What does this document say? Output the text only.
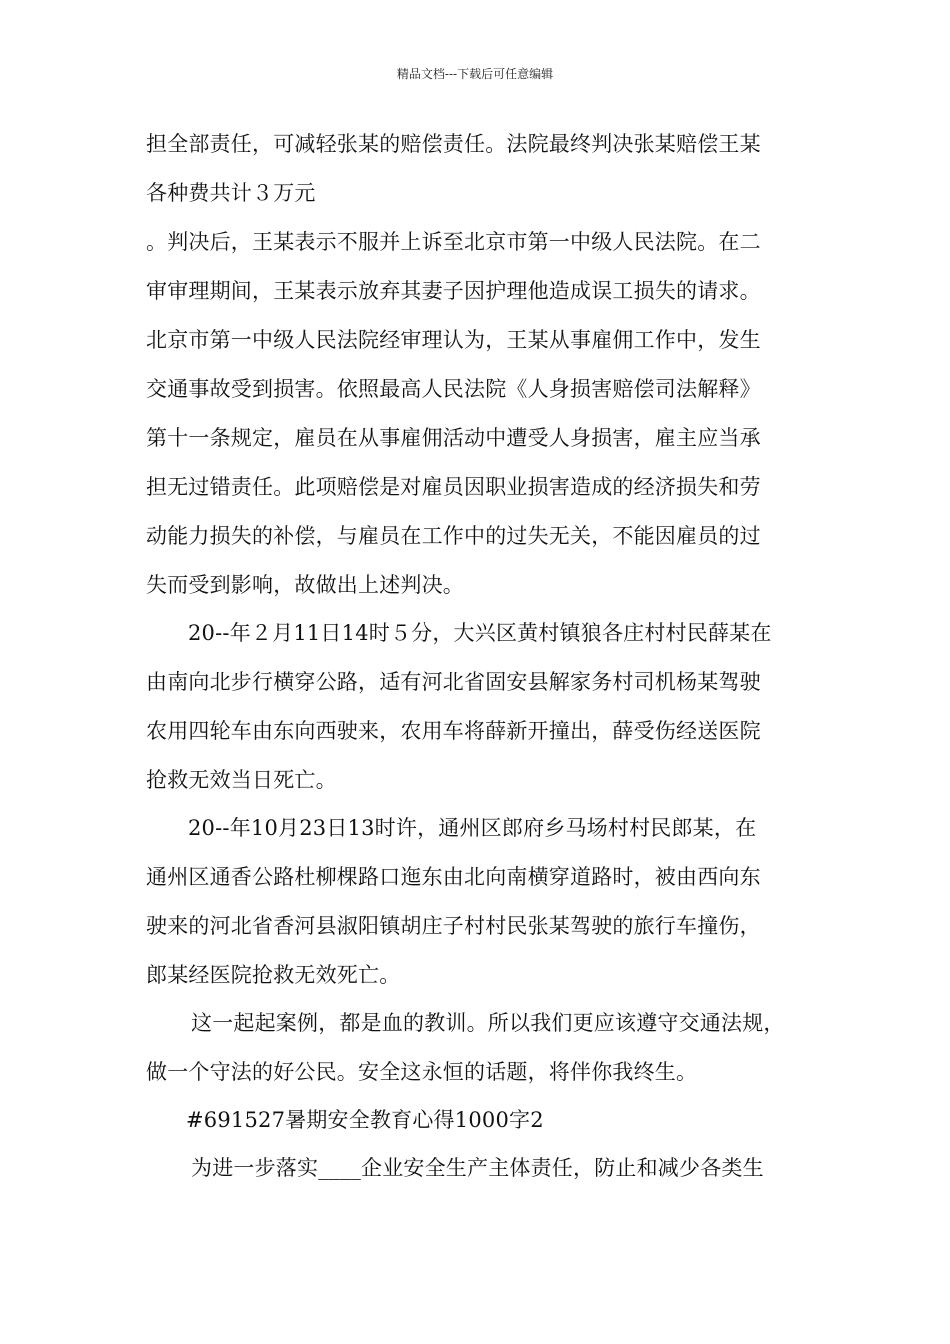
精品文档---下载后可任意编辑
担全部责任，可减轻张某的赔偿责任。法院最终判决张某赔偿王某
各种费共计３万元
。判决后，王某表示不服并上诉至北京市第一中级人民法院。在二
审审理期间，王某表示放弃其妻子因护理他造成误工损失的请求。
北京市第一中级人民法院经审理认为，王某从事雇佣工作中，发生
交通事故受到损害。依照最高人民法院《人身损害赔偿司法解释》
第十一条规定，雇员在从事雇佣活动中遭受人身损害，雇主应当承
担无过错责任。此项赔偿是对雇员因职业损害造成的经济损失和劳
动能力损失的补偿，与雇员在工作中的过失无关，不能因雇员的过
失而受到影响，故做出上述判决。
20--年２月11日14时５分，大兴区黄村镇狼各庄村村民薛某在
由南向北步行横穿公路，适有河北省固安县解家务村司机杨某驾驶
农用四轮车由东向西驶来，农用车将薛新开撞出，薛受伤经送医院
抢救无效当日死亡。
20--年10月23日13时许，通州区郎府乡马场村村民郎某，在
通州区通香公路杜柳棵路口迤东由北向南横穿道路时，被由西向东
驶来的河北省香河县淑阳镇胡庄子村村民张某驾驶的旅行车撞伤，
郎某经医院抢救无效死亡。
这一起起案例，都是血的教训。所以我们更应该遵守交通法规，
做一个守法的好公民。安全这永恒的话题，将伴你我终生。
#691527暑期安全教育心得1000字2
为进一步落实____企业安全生产主体责任，防止和减少各类生
